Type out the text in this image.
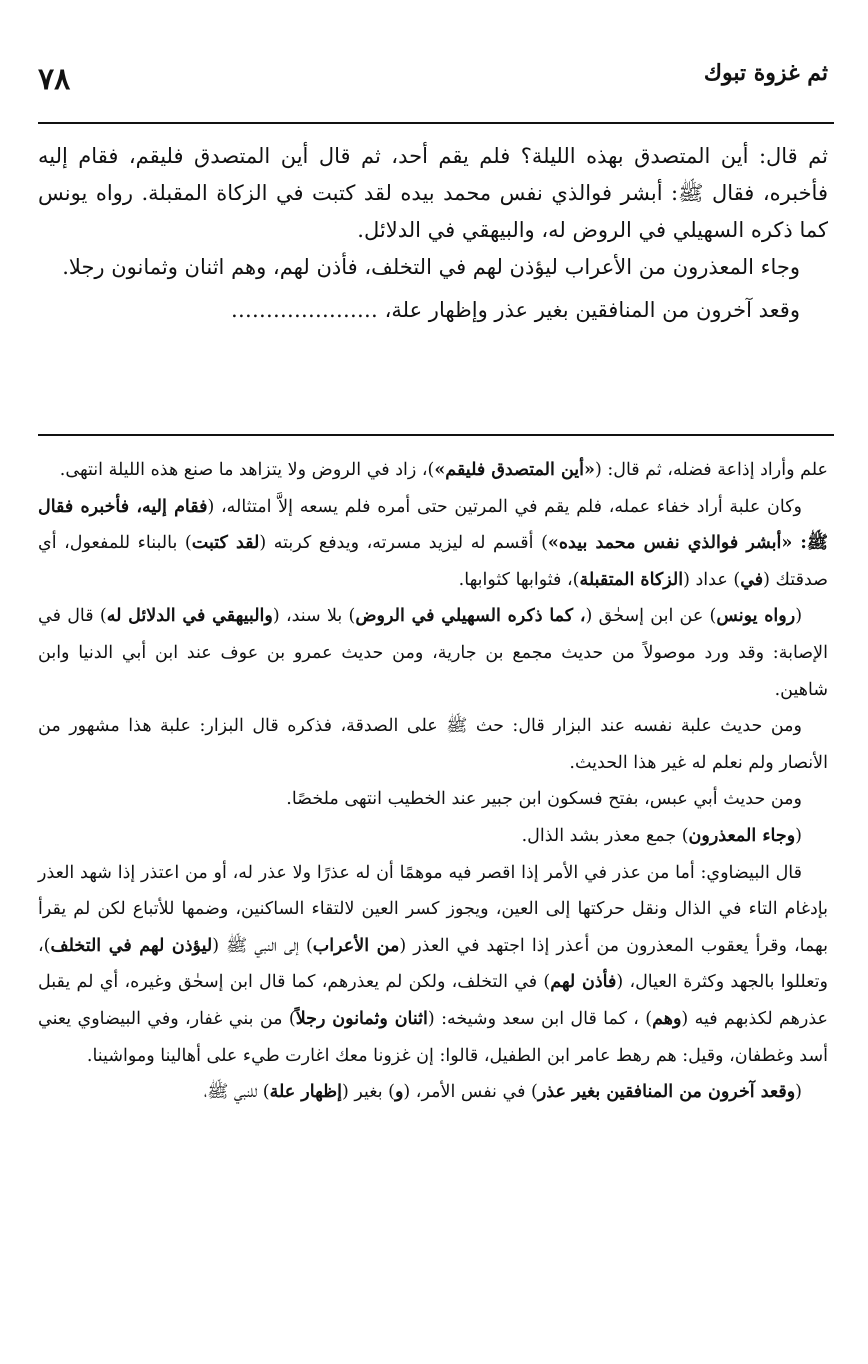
٧٨	ثم غزوة تبوك

ثم قال: أين المتصدق بهذه الليلة؟ فلم يقم أحد، ثم قال أين المتصدق فليقم، فقام إليه فأخبره، فقال ﷺ: أبشر فوالذي نفس محمد بيده لقد كتبت في الزكاة المقبلة. رواه يونس كما ذكره السهيلي في الروض له، والبيهقي في الدلائل.

وجاء المعذرون من الأعراب ليؤذن لهم في التخلف، فأذن لهم، وهم اثنان وثمانون رجلا.

وقعد آخرون من المنافقين بغير عذر وإظهار علة، …………………

علم وأراد إذاعة فضله، ثم قال: («أين المتصدق فليقم»)، زاد في الروض ولا يتزاهد ما صنع هذه الليلة انتهى.

وكان علبة أراد خفاء عمله، فلم يقم في المرتين حتى أمره فلم يسعه إلاَّ امتثاله، (فقام إليه، فأخبره فقال ﷺ: «أبشر فوالذي نفس محمد بيده») أقسم له ليزيد مسرته، ويدفع كربته (لقد كتبت) بالبناء للمفعول، أي صدقتك (في) عداد (الزكاة المتقبلة)، فثوابها كثوابها.

(رواه يونس) عن ابن إسحٰق (، كما ذكره السهيلي في الروض) بلا سند، (والبيهقي في الدلائل له) قال في الإصابة: وقد ورد موصولاً من حديث مجمع بن جارية، ومن حديث عمرو بن عوف عند ابن أبي الدنيا وابن شاهين.

ومن حديث علبة نفسه عند البزار قال: حث ﷺ على الصدقة، فذكره قال البزار: علبة هذا مشهور من الأنصار ولم نعلم له غير هذا الحديث.

ومن حديث أبي عبس، بفتح فسكون ابن جبير عند الخطيب انتهى ملخصًا.

(وجاء المعذرون) جمع معذر بشد الذال.

قال البيضاوي: أما من عذر في الأمر إذا اقصر فيه موهمًا أن له عذرًا ولا عذر له، أو من اعتذر إذا شهد العذر بإدغام التاء في الذال ونقل حركتها إلى العين، ويجوز كسر العين لالتقاء الساكنين، وضمها للأتباع لكن لم يقرأ بهما، وقرأ يعقوب المعذرون من أعذر إذا اجتهد في العذر (من الأعراب) إلى النبي ﷺ (ليؤذن لهم في التخلف)، وتعللوا بالجهد وكثرة العيال، (فأذن لهم) في التخلف، ولكن لم يعذرهم، كما قال ابن إسحٰق وغيره، أي لم يقبل عذرهم لكذبهم فيه (وهم) ، كما قال ابن سعد وشيخه: (اثنان وثمانون رجلاً) من بني غفار، وفي البيضاوي يعني أسد وغطفان، وقيل: هم رهط عامر ابن الطفيل، قالوا: إن غزونا معك اغارت طيء على أهالينا ومواشينا.

(وقعد آخرون من المنافقين بغير عذر) في نفس الأمر، (و) بغير (إظهار علة) للنبي ﷺ،
